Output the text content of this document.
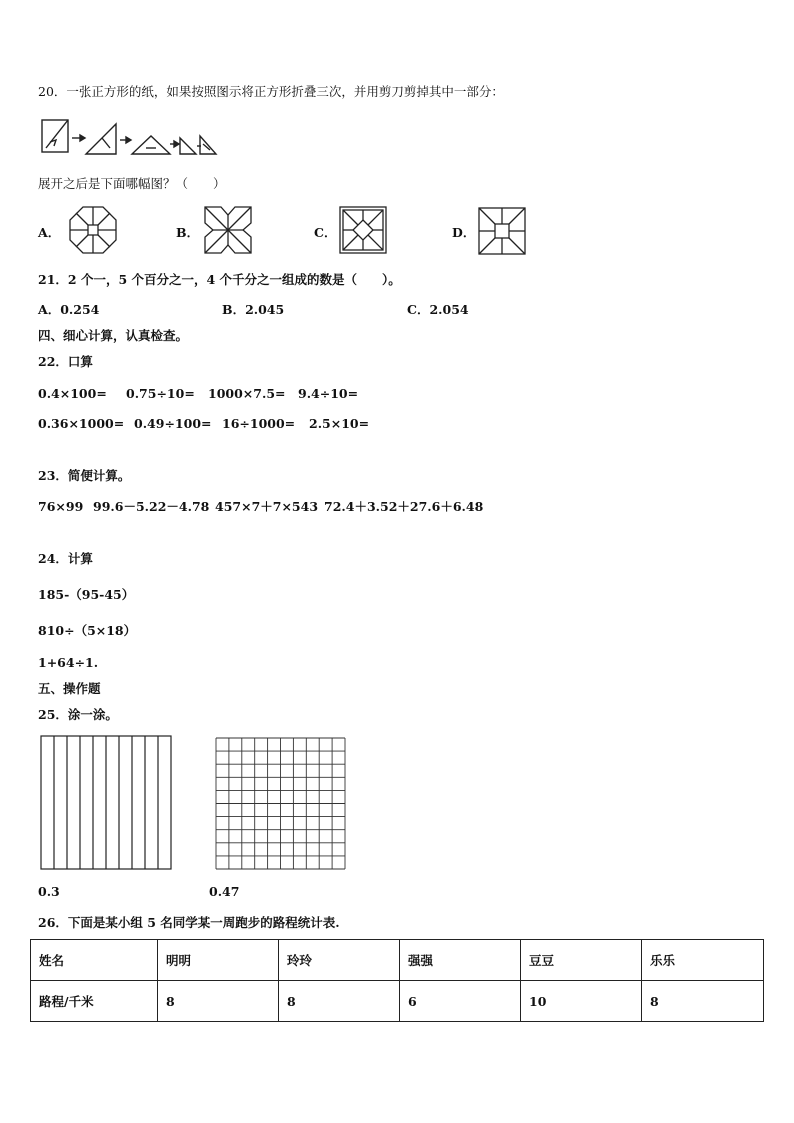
20．一张正方形的纸，如果按照图示将正方形折叠三次，并用剪刀剪掉其中一部分：
展开之后是下面哪幅图？（　　）
A．	B．	C．	D．
21．2 个一，5 个百分之一，4 个千分之一组成的数是（　　）。
A．0.254	B．2.045	C．2.054
四、细心计算，认真检查。
22．口算
0.4×100= 0.75÷10= 1000×7.5= 9.4÷10=
0.36×1000= 0.49÷100= 16÷1000= 2.5×10=
23．简便计算。
76×99 99.6－5.22－4.78 457×7＋7×543 72.4＋3.52＋27.6＋6.48
24．计算
185-（95-45）
810÷（5×18）
1+64÷1.
五、操作题
25．涂一涂。
0.3	0.47
26．下面是某小组 5 名同学某一周跑步的路程统计表.
姓名	明明	玲玲	强强	豆豆	乐乐
路程/千米	8	8	6	10	8
